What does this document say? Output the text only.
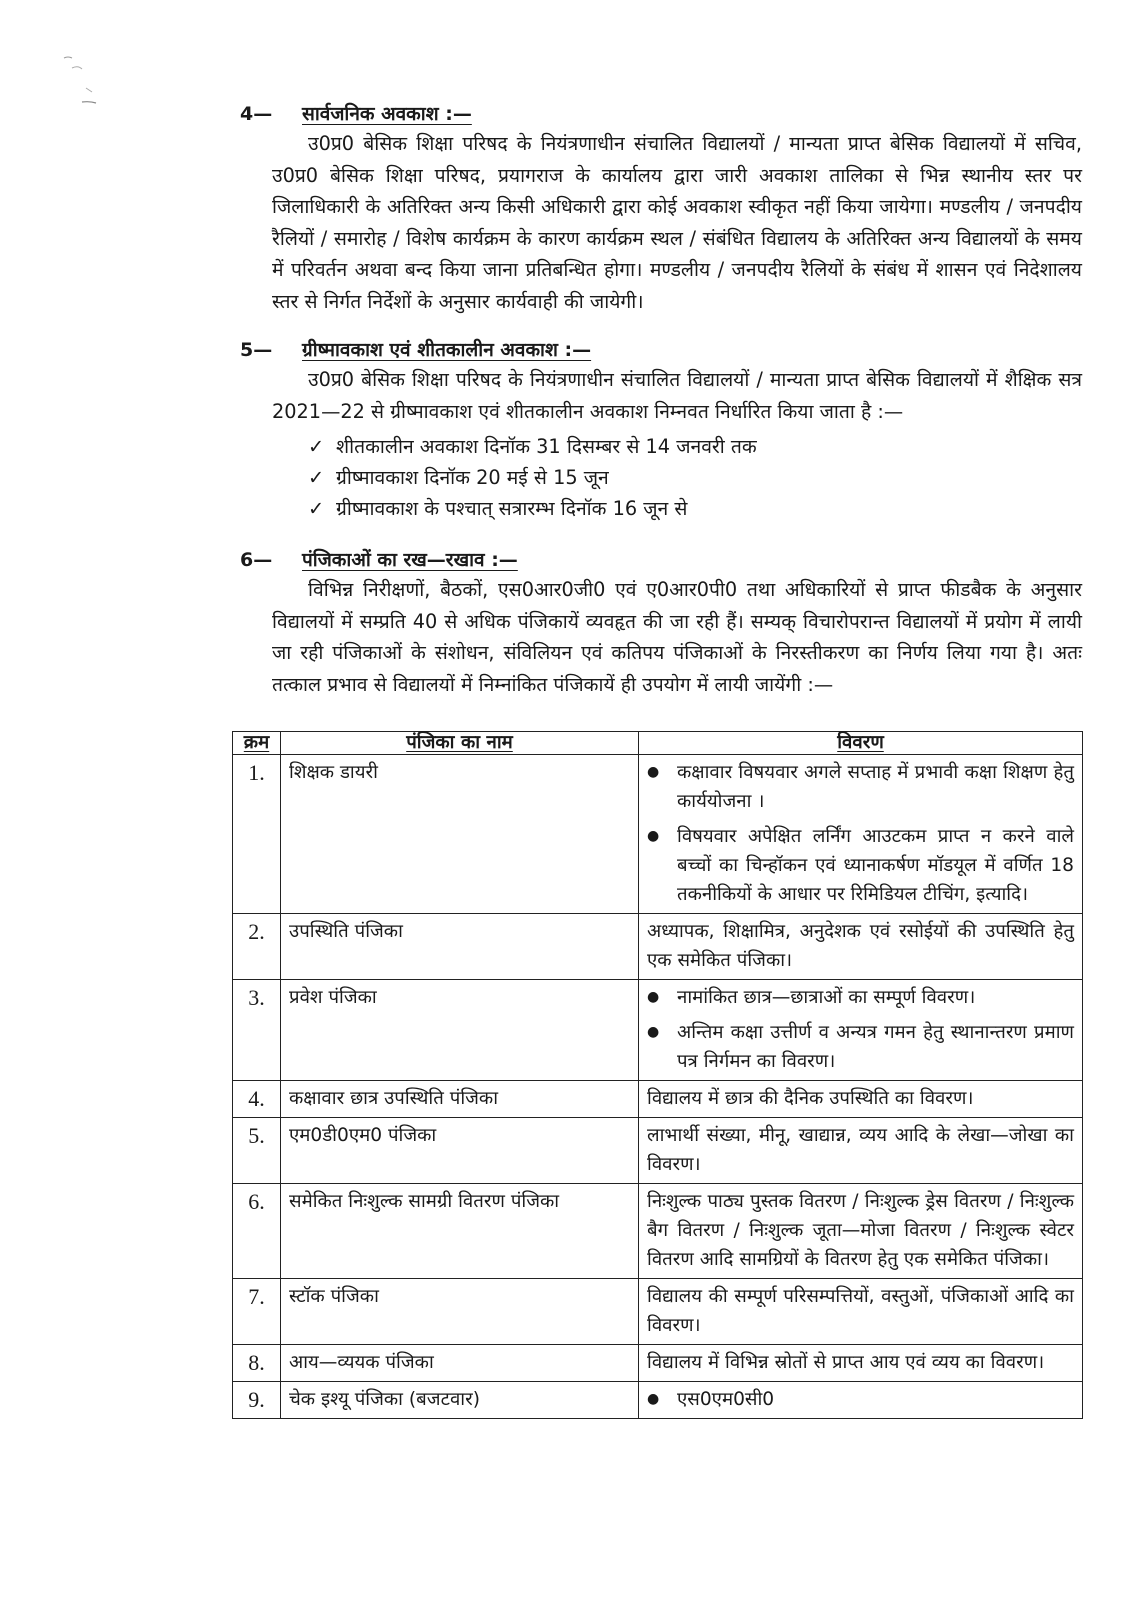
4—	सार्वजनिक अवकाश :—

उ0प्र0 बेसिक शिक्षा परिषद के नियंत्रणाधीन संचालित विद्यालयों / मान्यता प्राप्त बेसिक विद्यालयों में सचिव, उ0प्र0 बेसिक शिक्षा परिषद, प्रयागराज के कार्यालय द्वारा जारी अवकाश तालिका से भिन्न स्थानीय स्तर पर जिलाधिकारी के अतिरिक्त अन्य किसी अधिकारी द्वारा कोई अवकाश स्वीकृत नहीं किया जायेगा। मण्डलीय / जनपदीय रैलियों / समारोह / विशेष कार्यक्रम के कारण कार्यक्रम स्थल / संबंधित विद्यालय के अतिरिक्त अन्य विद्यालयों के समय में परिवर्तन अथवा बन्द किया जाना प्रतिबन्धित होगा। मण्डलीय / जनपदीय रैलियों के संबंध में शासन एवं निदेशालय स्तर से निर्गत निर्देशों के अनुसार कार्यवाही की जायेगी।

5—	ग्रीष्मावकाश एवं शीतकालीन अवकाश :—

उ0प्र0 बेसिक शिक्षा परिषद के नियंत्रणाधीन संचालित विद्यालयों / मान्यता प्राप्त बेसिक विद्यालयों में शैक्षिक सत्र 2021—22 से ग्रीष्मावकाश एवं शीतकालीन अवकाश निम्नवत निर्धारित किया जाता है :—

✓ शीतकालीन अवकाश दिनॉक 31 दिसम्बर से 14 जनवरी तक
✓ ग्रीष्मावकाश दिनॉक 20 मई से 15 जून
✓ ग्रीष्मावकाश के पश्चात् सत्रारम्भ दिनॉक 16 जून से
6—	पंजिकाओं का रख—रखाव :—

विभिन्न निरीक्षणों, बैठकों, एस0आर0जी0 एवं ए0आर0पी0 तथा अधिकारियों से प्राप्त फीडबैक के अनुसार विद्यालयों में सम्प्रति 40 से अधिक पंजिकायें व्यवहृत की जा रही हैं। सम्यक् विचारोपरान्त विद्यालयों में प्रयोग में लायी जा रही पंजिकाओं के संशोधन, संविलियन एवं कतिपय पंजिकाओं के निरस्तीकरण का निर्णय लिया गया है। अतः तत्काल प्रभाव से विद्यालयों में निम्नांकित पंजिकायें ही उपयोग में लायी जायेंगी :—

क्रम	पंजिका का नाम	विवरण
1.	शिक्षक डायरी	● कक्षावार विषयवार अगले सप्ताह में प्रभावी कक्षा शिक्षण हेतु कार्ययोजना ।
● विषयवार अपेक्षित लर्निंग आउटकम प्राप्त न करने वाले बच्चों का चिन्हॉकन एवं ध्यानाकर्षण मॉडयूल में वर्णित 18 तकनीकियों के आधार पर रिमिडियल टीचिंग, इत्यादि।

2.	उपस्थिति पंजिका	अध्यापक, शिक्षामित्र, अनुदेशक एवं रसोईयों की उपस्थिति हेतु एक समेकित पंजिका।
3.	प्रवेश पंजिका	● नामांकित छात्र—छात्राओं का सम्पूर्ण विवरण।
● अन्तिम कक्षा उत्तीर्ण व अन्यत्र गमन हेतु स्थानान्तरण प्रमाण पत्र निर्गमन का विवरण।

4.	कक्षावार छात्र उपस्थिति पंजिका	विद्यालय में छात्र की दैनिक उपस्थिति का विवरण।
5.	एम0डी0एम0 पंजिका	लाभार्थी संख्या, मीनू, खाद्यान्न, व्यय आदि के लेखा—जोखा का विवरण।
6.	समेकित निःशुल्क सामग्री वितरण पंजिका	निःशुल्क पाठ्य पुस्तक वितरण / निःशुल्क ड्रेस वितरण / निःशुल्क बैग वितरण / निःशुल्क जूता—मोजा वितरण / निःशुल्क स्वेटर वितरण आदि सामग्रियों के वितरण हेतु एक समेकित पंजिका।
7.	स्टॉक पंजिका	विद्यालय की सम्पूर्ण परिसम्पत्तियों, वस्तुओं, पंजिकाओं आदि का विवरण।
8.	आय—व्ययक पंजिका	विद्यालय में विभिन्न स्रोतों से प्राप्त आय एवं व्यय का विवरण।
9.	चेक इश्यू पंजिका (बजटवार)	● एस0एम0सी0
